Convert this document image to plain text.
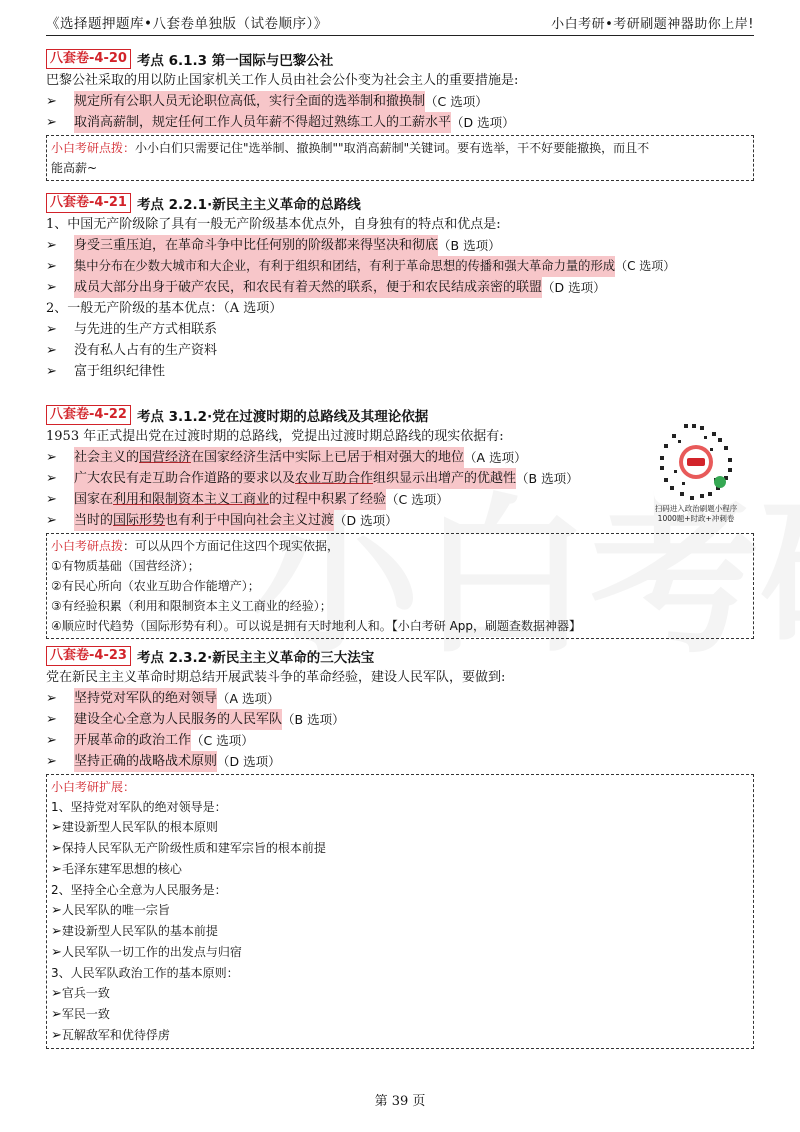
《选择题押题库•八套卷单独版（试卷顺序）》	小白考研•考研刷题神器助你上岸!
八套卷-4-20 考点 6.1.3 第一国际与巴黎公社
巴黎公社采取的用以防止国家机关工作人员由社会公仆变为社会主人的重要措施是:
➢	规定所有公职人员无论职位高低，实行全面的选举制和撤换制 （C 选项）
➢	取消高薪制，规定任何工作人员年薪不得超过熟练工人的工薪水平 （D 选项）
小白考研点拨：小小白们只需要记住"选举制、撤换制""取消高薪制"关键词。要有选举，干不好要能撤换，而且不
能高薪~
八套卷-4-21 考点 2.2.1·新民主主义革命的总路线
1、中国无产阶级除了具有一般无产阶级基本优点外，自身独有的特点和优点是:
➢	身受三重压迫，在革命斗争中比任何别的阶级都来得坚决和彻底 （B 选项）
➢	集中分布在少数大城市和大企业，有利于组织和团结，有利于革命思想的传播和强大革命力量的形成 （C 选项）
➢	成员大部分出身于破产农民，和农民有着天然的联系，便于和农民结成亲密的联盟 （D 选项）
2、一般无产阶级的基本优点：（A 选项）
➢	与先进的生产方式相联系
➢	没有私人占有的生产资料
➢	富于组织纪律性
八套卷-4-22 考点 3.1.2·党在过渡时期的总路线及其理论依据
1953 年正式提出党在过渡时期的总路线，党提出过渡时期总路线的现实依据有:
➢	社会主义的国营经济在国家经济生活中实际上已居于相对强大的地位 （A 选项）
➢	广大农民有走互助合作道路的要求以及农业互助合作组织显示出增产的优越性 （B 选项）
➢	国家在利用和限制资本主义工商业的过程中积累了经验 （C 选项）
➢	当时的国际形势也有利于中国向社会主义过渡 （D 选项）
小白考研点拨：可以从四个方面记住这四个现实依据，
①有物质基础（国营经济）；
②有民心所向（农业互助合作能增产）；
③有经验积累（利用和限制资本主义工商业的经验）；
④顺应时代趋势（国际形势有利）。可以说是拥有天时地利人和。【小白考研 App，刷题查数据神器】
扫码进入政治刷题小程序
1000题+时政+冲刺卷
八套卷-4-23 考点 2.3.2·新民主主义革命的三大法宝
党在新民主主义革命时期总结开展武装斗争的革命经验，建设人民军队，要做到:
➢	坚持党对军队的绝对领导 （A 选项）
➢	建设全心全意为人民服务的人民军队 （B 选项）
➢	开展革命的政治工作 （C 选项）
➢	坚持正确的战略战术原则 （D 选项）
小白考研扩展：
1、坚持党对军队的绝对领导是：
➢建设新型人民军队的根本原则
➢保持人民军队无产阶级性质和建军宗旨的根本前提
➢毛泽东建军思想的核心
2、坚持全心全意为人民服务是：
➢人民军队的唯一宗旨
➢建设新型人民军队的基本前提
➢人民军队一切工作的出发点与归宿
3、人民军队政治工作的基本原则：
➢官兵一致
➢军民一致
➢瓦解敌军和优待俘虏
第 39 页
